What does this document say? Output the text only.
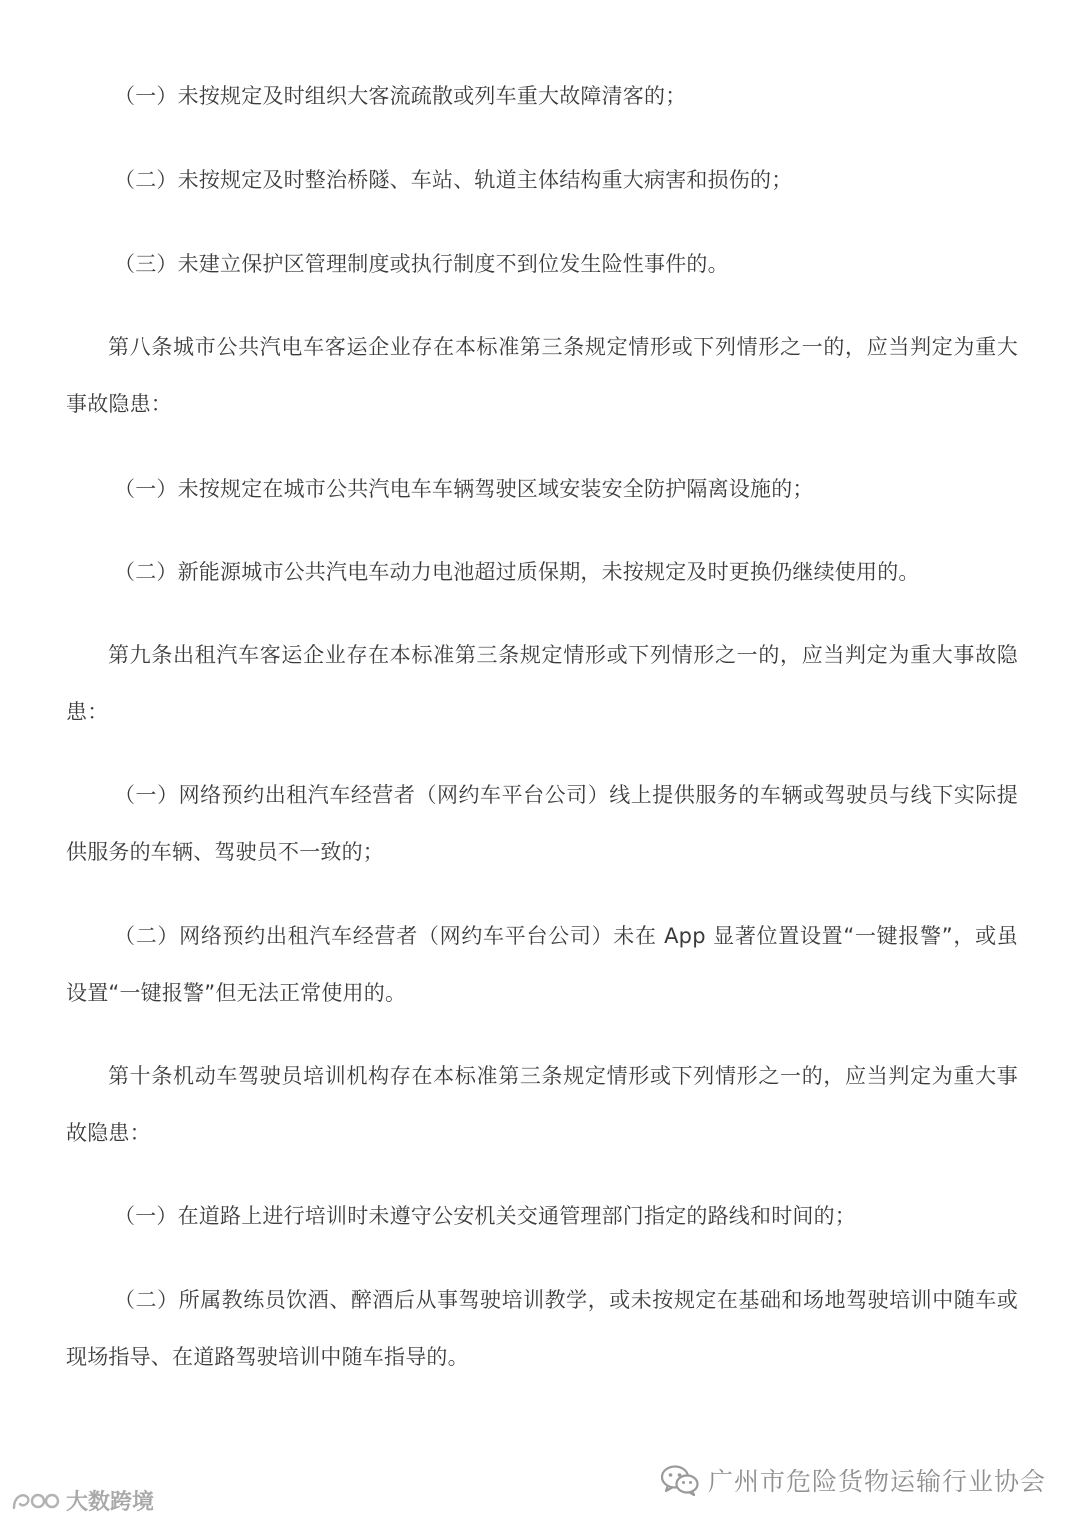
（一）未按规定及时组织大客流疏散或列车重大故障清客的；

（二）未按规定及时整治桥隧、车站、轨道主体结构重大病害和损伤的；

（三）未建立保护区管理制度或执行制度不到位发生险性事件的。

第八条城市公共汽电车客运企业存在本标准第三条规定情形或下列情形之一的，应当判定为重大事故隐患：

（一）未按规定在城市公共汽电车车辆驾驶区域安装安全防护隔离设施的；

（二）新能源城市公共汽电车动力电池超过质保期，未按规定及时更换仍继续使用的。

第九条出租汽车客运企业存在本标准第三条规定情形或下列情形之一的，应当判定为重大事故隐患：

（一）网络预约出租汽车经营者（网约车平台公司）线上提供服务的车辆或驾驶员与线下实际提供服务的车辆、驾驶员不一致的；

（二）网络预约出租汽车经营者（网约车平台公司）未在 App 显著位置设置“一键报警”，或虽设置“一键报警”但无法正常使用的。

第十条机动车驾驶员培训机构存在本标准第三条规定情形或下列情形之一的，应当判定为重大事故隐患：

（一）在道路上进行培训时未遵守公安机关交通管理部门指定的路线和时间的；

（二）所属教练员饮酒、醉酒后从事驾驶培训教学，或未按规定在基础和场地驾驶培训中随车或现场指导、在道路驾驶培训中随车指导的。

广州市危险货物运输行业协会
大数跨境
